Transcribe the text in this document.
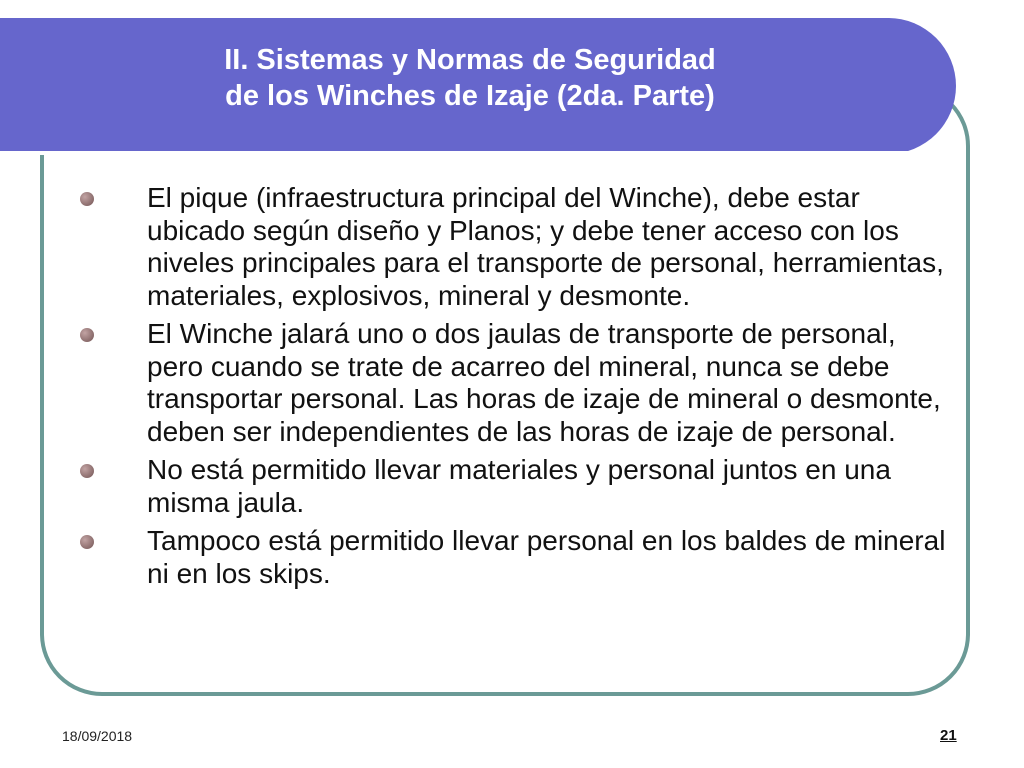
II. Sistemas y Normas de Seguridad
de los Winches de Izaje (2da. Parte)
El pique (infraestructura principal del Winche), debe estar ubicado según diseño y Planos; y debe tener acceso con los niveles principales para el transporte de personal, herramientas, materiales, explosivos, mineral y desmonte.
El Winche jalará uno o dos jaulas de transporte de personal, pero cuando se trate de acarreo del mineral, nunca se debe transportar personal. Las horas de izaje de mineral o desmonte, deben ser independientes de las horas de izaje de personal.
No está permitido llevar materiales y personal juntos en una misma jaula.
Tampoco está permitido llevar personal en los baldes de mineral ni en los skips.
18/09/2018	21
